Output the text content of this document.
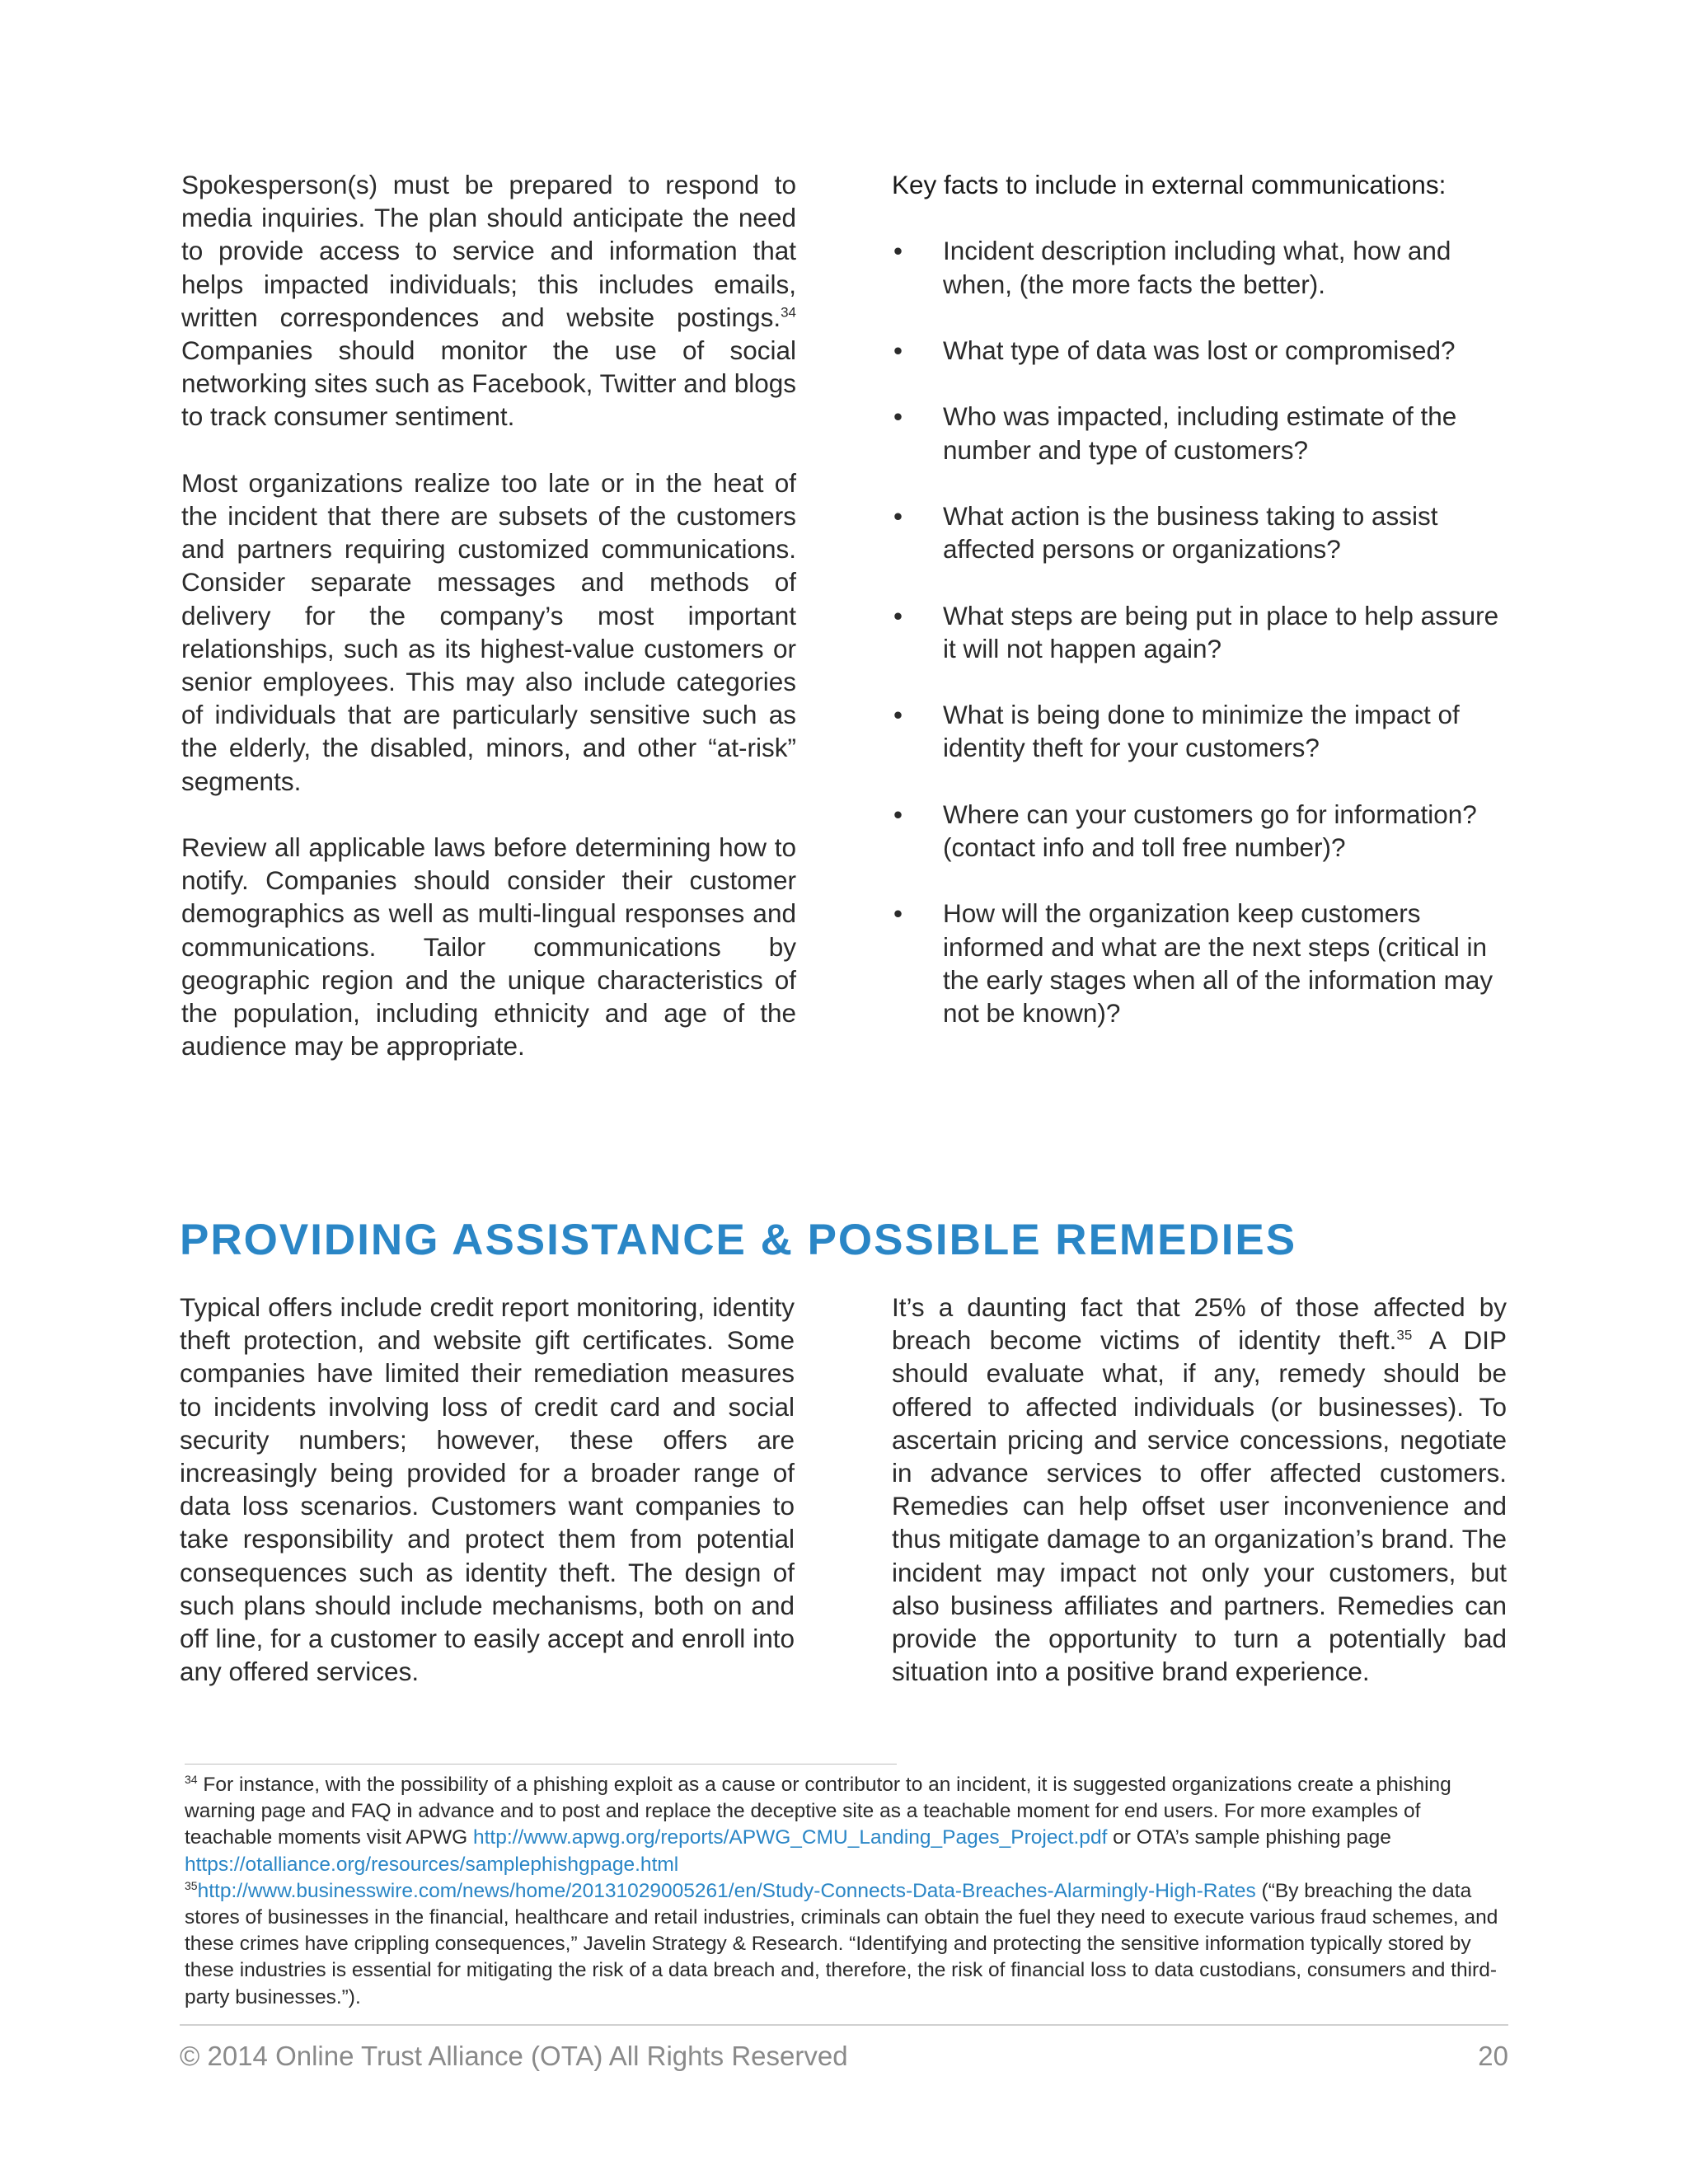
Spokesperson(s) must be prepared to respond to media inquiries. The plan should anticipate the need to provide access to service and information that helps impacted individuals; this includes emails, written correspondences and website postings.$^{34}$ Companies should monitor the use of social networking sites such as Facebook, Twitter and blogs to track consumer sentiment.

Most organizations realize too late or in the heat of the incident that there are subsets of the customers and partners requiring customized communications. Consider separate messages and methods of delivery for the company’s most important relationships, such as its highest-value customers or senior employees. This may also include categories of individuals that are particularly sensitive such as the elderly, the disabled, minors, and other “at-risk” segments.

Review all applicable laws before determining how to notify. Companies should consider their customer demographics as well as multi-lingual responses and communications. Tailor communications by geographic region and the unique characteristics of the population, including ethnicity and age of the audience may be appropriate.

Key facts to include in external communications:
• Incident description including what, how and when, (the more facts the better).
• What type of data was lost or compromised?
• Who was impacted, including estimate of the number and type of customers?
• What action is the business taking to assist affected persons or organizations?
• What steps are being put in place to help assure it will not happen again?
• What is being done to minimize the impact of identity theft for your customers?
• Where can your customers go for information? (contact info and toll free number)?
• How will the organization keep customers informed and what are the next steps (critical in the early stages when all of the information may not be known)?
PROVIDING ASSISTANCE & POSSIBLE REMEDIES

Typical offers include credit report monitoring, identity theft protection, and website gift certificates. Some companies have limited their remediation measures to incidents involving loss of credit card and social security numbers; however, these offers are increasingly being provided for a broader range of data loss scenarios. Customers want companies to take responsibility and protect them from potential consequences such as identity theft. The design of such plans should include mechanisms, both on and off line, for a customer to easily accept and enroll into any offered services.

It’s a daunting fact that 25% of those affected by breach become victims of identity theft.$^{35}$ A DIP should evaluate what, if any, remedy should be offered to affected individuals (or businesses). To ascertain pricing and service concessions, negotiate in advance services to offer affected customers. Remedies can help offset user inconvenience and thus mitigate damage to an organization’s brand. The incident may impact not only your customers, but also business affiliates and partners. Remedies can provide the opportunity to turn a potentially bad situation into a positive brand experience.

$^{34}$ For instance, with the possibility of a phishing exploit as a cause or contributor to an incident, it is suggested organizations create a phishing warning page and FAQ in advance and to post and replace the deceptive site as a teachable moment for end users. For more examples of teachable moments visit APWG http://www.apwg.org/reports/APWG_CMU_Landing_Pages_Project.pdf or OTA’s sample phishing page https://otalliance.org/resources/samplephishgpage.html

$^{35}$http://www.businesswire.com/news/home/20131029005261/en/Study-Connects-Data-Breaches-Alarmingly-High-Rates (“By breaching the data stores of businesses in the financial, healthcare and retail industries, criminals can obtain the fuel they need to execute various fraud schemes, and these crimes have crippling consequences,” Javelin Strategy & Research. “Identifying and protecting the sensitive information typically stored by these industries is essential for mitigating the risk of a data breach and, therefore, the risk of financial loss to data custodians, consumers and third-party businesses.”).

© 2014 Online Trust Alliance (OTA) All Rights Reserved	20
